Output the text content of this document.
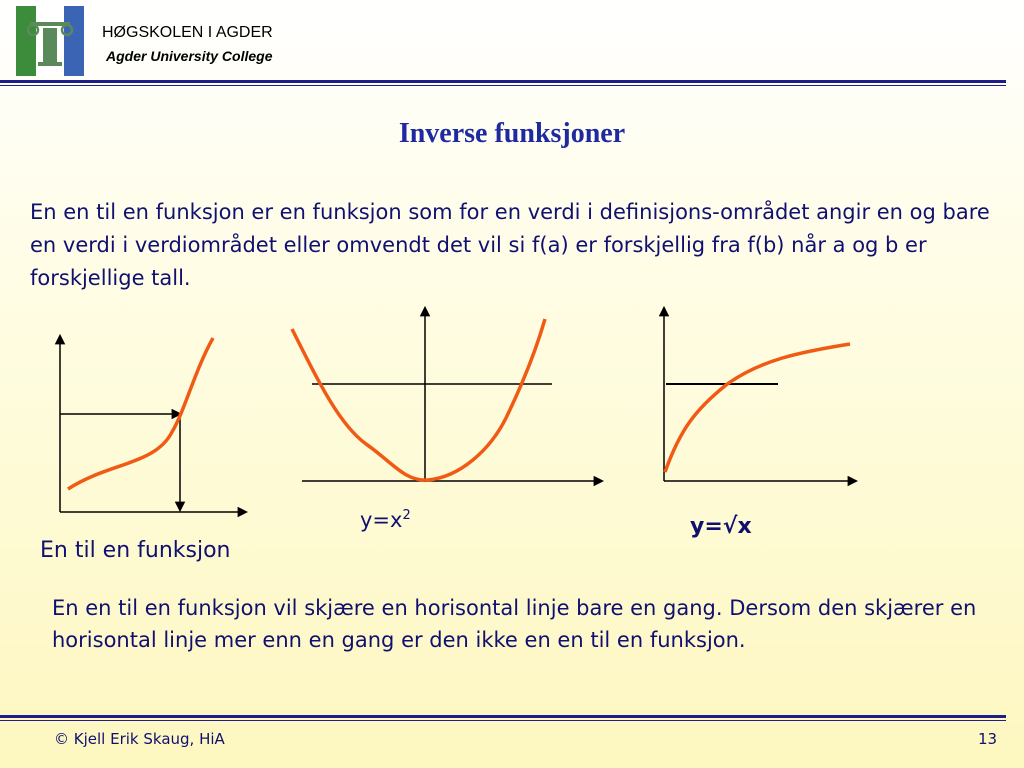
HØGSKOLEN I AGDER
Agder University College
Inverse funksjoner
En en til en funksjon er en funksjon som for en verdi i definisjons-området angir en og bare en verdi i verdiområdet eller omvendt det vil si f(a) er forskjellig fra f(b) når a og b er forskjellige tall.
En til en funksjon
$y=x^2$	y=√x
En en til en funksjon vil skjære en horisontal linje bare en gang. Dersom den skjærer en horisontal linje mer enn en gang er den ikke en en til en funksjon.
© Kjell Erik Skaug, HiA	13
